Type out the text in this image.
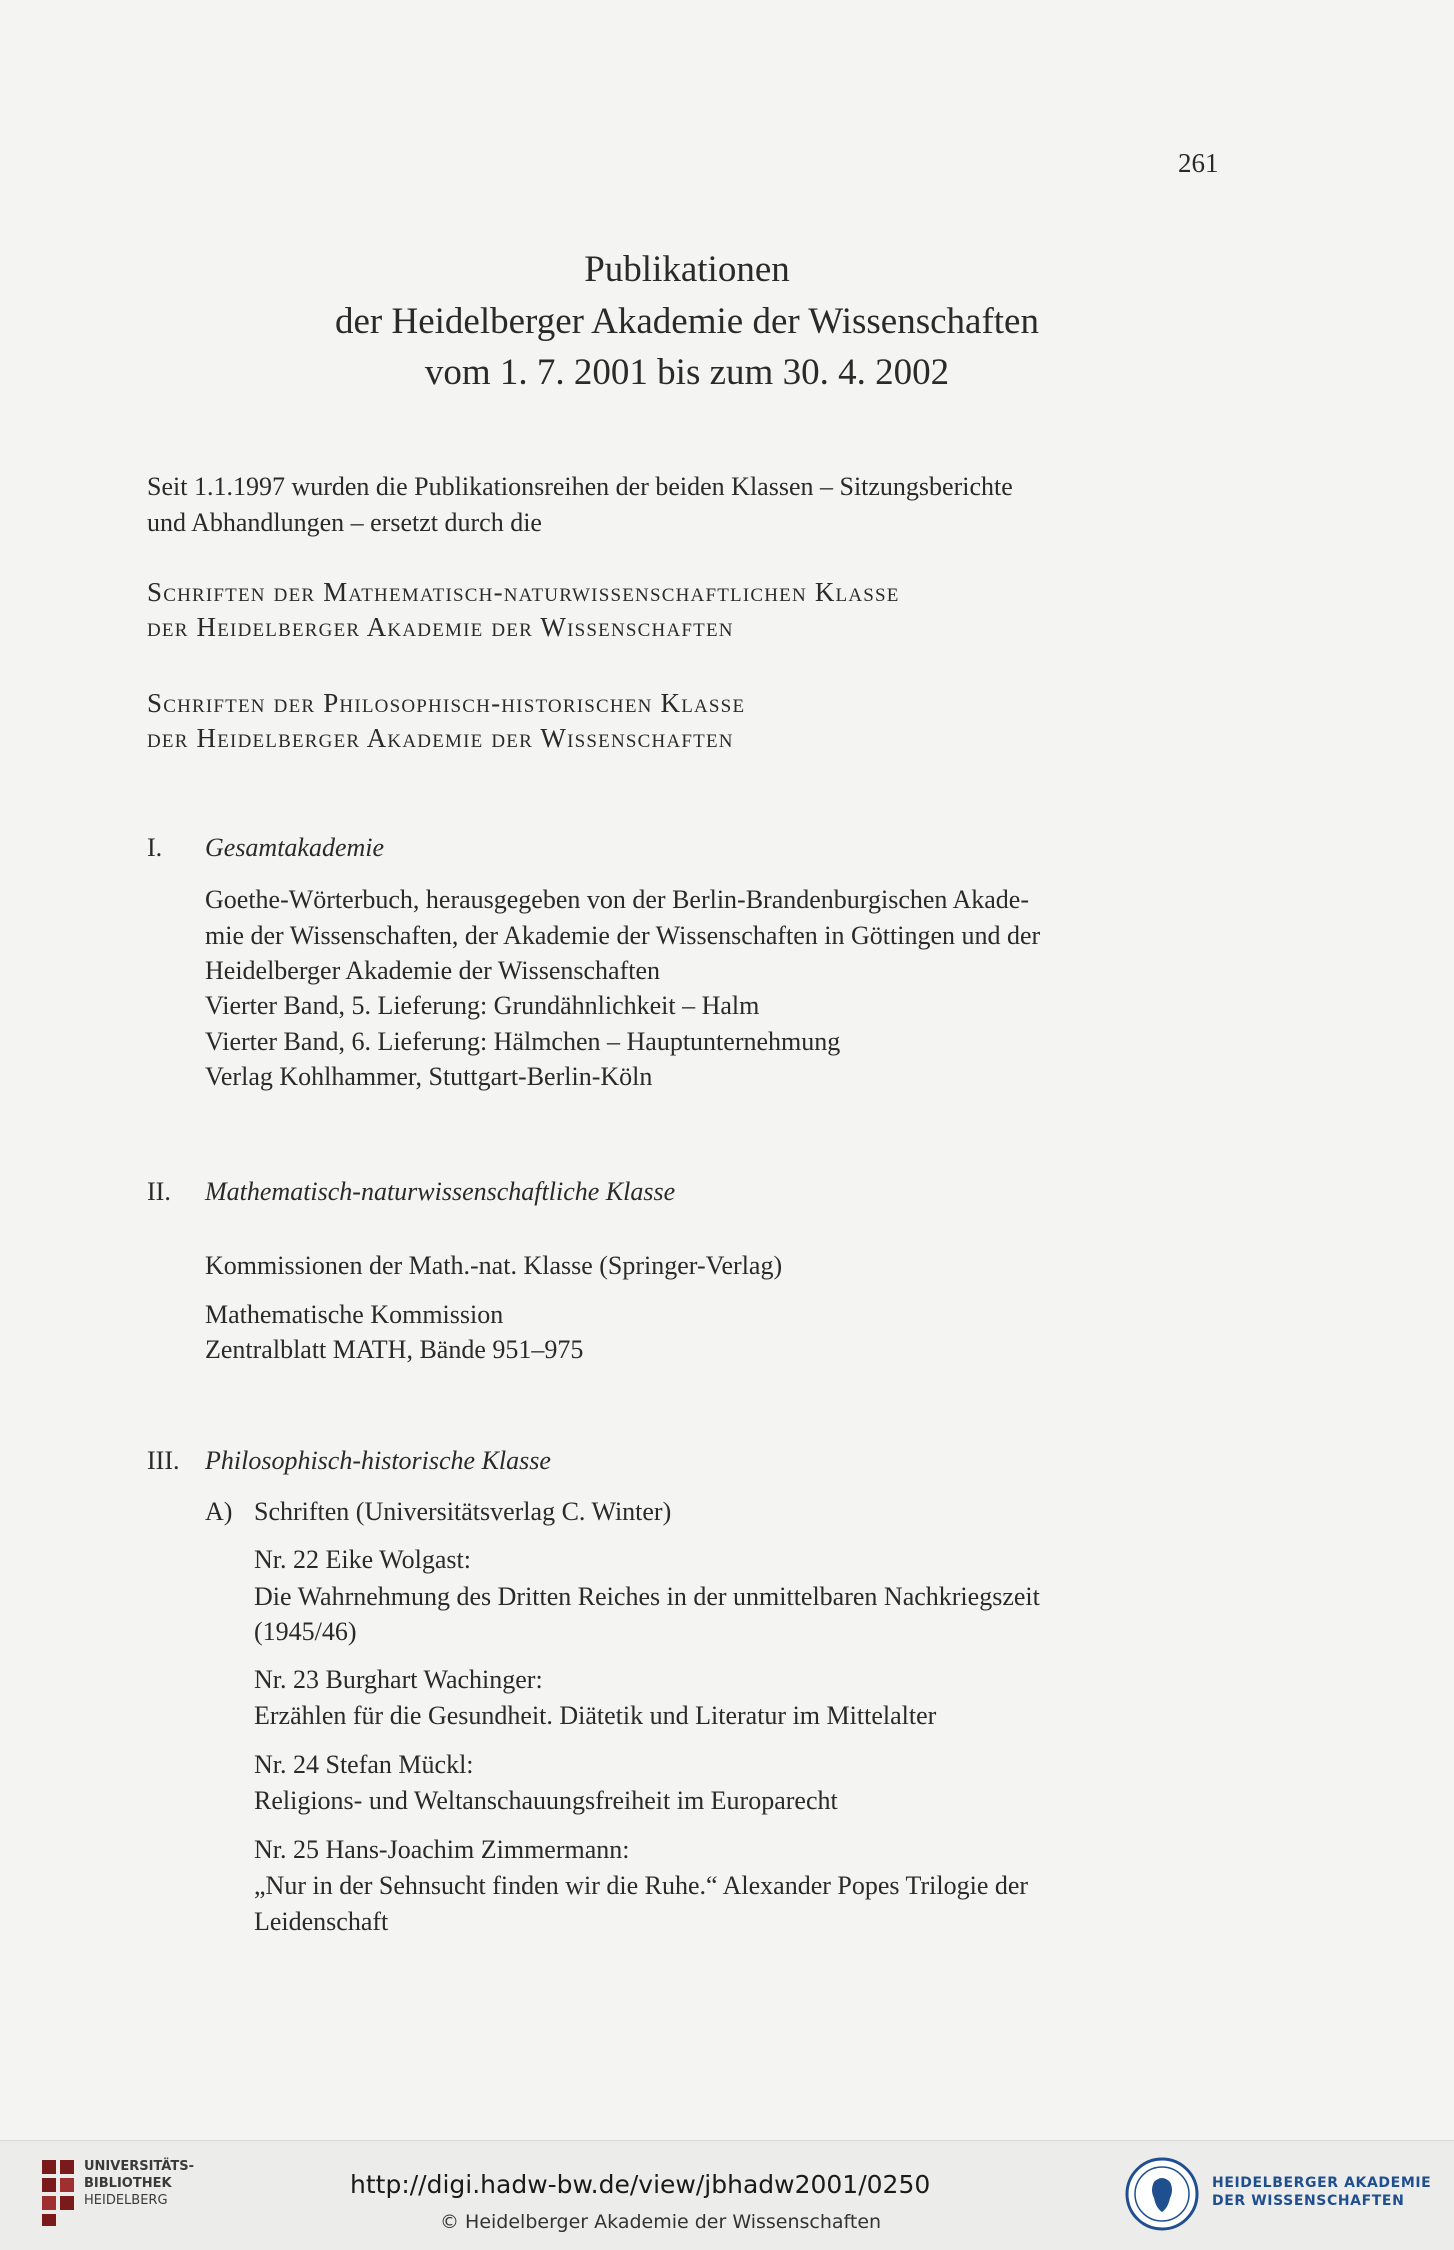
261
Publikationen
der Heidelberger Akademie der Wissenschaften
vom 1. 7. 2001 bis zum 30. 4. 2002
Seit 1.1.1997 wurden die Publikationsreihen der beiden Klassen – Sitzungsberichte
und Abhandlungen – ersetzt durch die
Schriften der Mathematisch-naturwissenschaftlichen Klasse
der Heidelberger Akademie der Wissenschaften
Schriften der Philosophisch-historischen Klasse
der Heidelberger Akademie der Wissenschaften
I. Gesamtakademie
Goethe-Wörterbuch, herausgegeben von der Berlin-Brandenburgischen Akade-
mie der Wissenschaften, der Akademie der Wissenschaften in Göttingen und der
Heidelberger Akademie der Wissenschaften
Vierter Band, 5. Lieferung: Grundähnlichkeit – Halm
Vierter Band, 6. Lieferung: Hälmchen – Hauptunternehmung
Verlag Kohlhammer, Stuttgart-Berlin-Köln
II. Mathematisch-naturwissenschaftliche Klasse
Kommissionen der Math.-nat. Klasse (Springer-Verlag)
Mathematische Kommission
Zentralblatt MATH, Bände 951–975
III. Philosophisch-historische Klasse
A) Schriften (Universitätsverlag C. Winter)
Nr. 22 Eike Wolgast:
Die Wahrnehmung des Dritten Reiches in der unmittelbaren Nachkriegszeit
(1945/46)
Nr. 23 Burghart Wachinger:
Erzählen für die Gesundheit. Diätetik und Literatur im Mittelalter
Nr. 24 Stefan Mückl:
Religions- und Weltanschauungsfreiheit im Europarecht
Nr. 25 Hans-Joachim Zimmermann:
„Nur in der Sehnsucht finden wir die Ruhe.“ Alexander Popes Trilogie der
Leidenschaft
UNIVERSITÄTS-
BIBLIOTHEK
HEIDELBERG
http://digi.hadw-bw.de/view/jbhadw2001/0250
© Heidelberger Akademie der Wissenschaften
HEIDELBERGER AKADEMIE
DER WISSENSCHAFTEN
